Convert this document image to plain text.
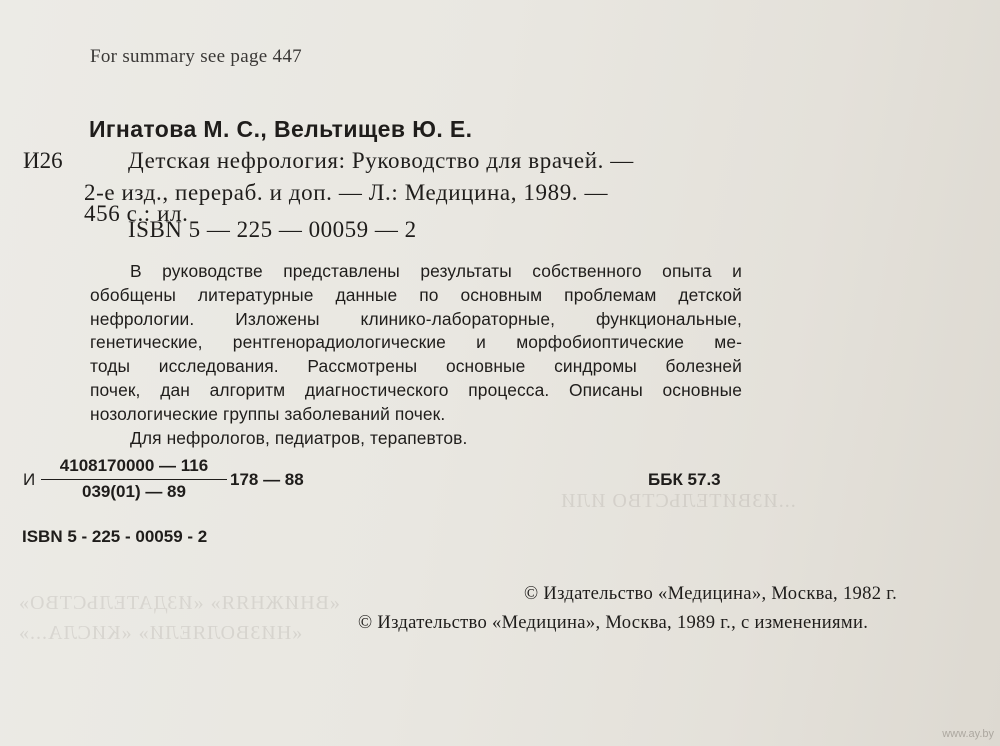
«ВНИЖНЯЯ» «ИЗДАТЕЛЬСТВО»
«НИЗВОЛЯЕЛИ» «КИСЛА...»
...ИЗВИТЕЛЬСТВО ИЛИ
For summary see page 447
Игнатова М. С., Вельтищев Ю. Е.
И26	Детская нефрология: Руководство для врачей. —
2-е изд., перераб. и доп. — Л.: Медицина, 1989. —
456 с.: ил.
ISBN 5 — 225 — 00059 — 2
В руководстве представлены результаты собственного опыта и
обобщены литературные данные по основным проблемам детской
нефрологии. Изложены клинико-лабораторные, функциональные,
генетические, рентгенорадиологические и морфобиоптические ме-
тоды исследования. Рассмотрены основные синдромы болезней
почек, дан алгоритм диагностического процесса. Описаны основные
нозологические группы заболеваний почек.
Для нефрологов, педиатров, терапевтов.
И
4108170000 — 116
039(01) — 89
178 — 88	ББК 57.3
ISBN 5 - 225 - 00059 - 2
© Издательство «Медицина», Москва, 1982 г.
© Издательство «Медицина», Москва, 1989 г., с изменениями.
www.ay.by
